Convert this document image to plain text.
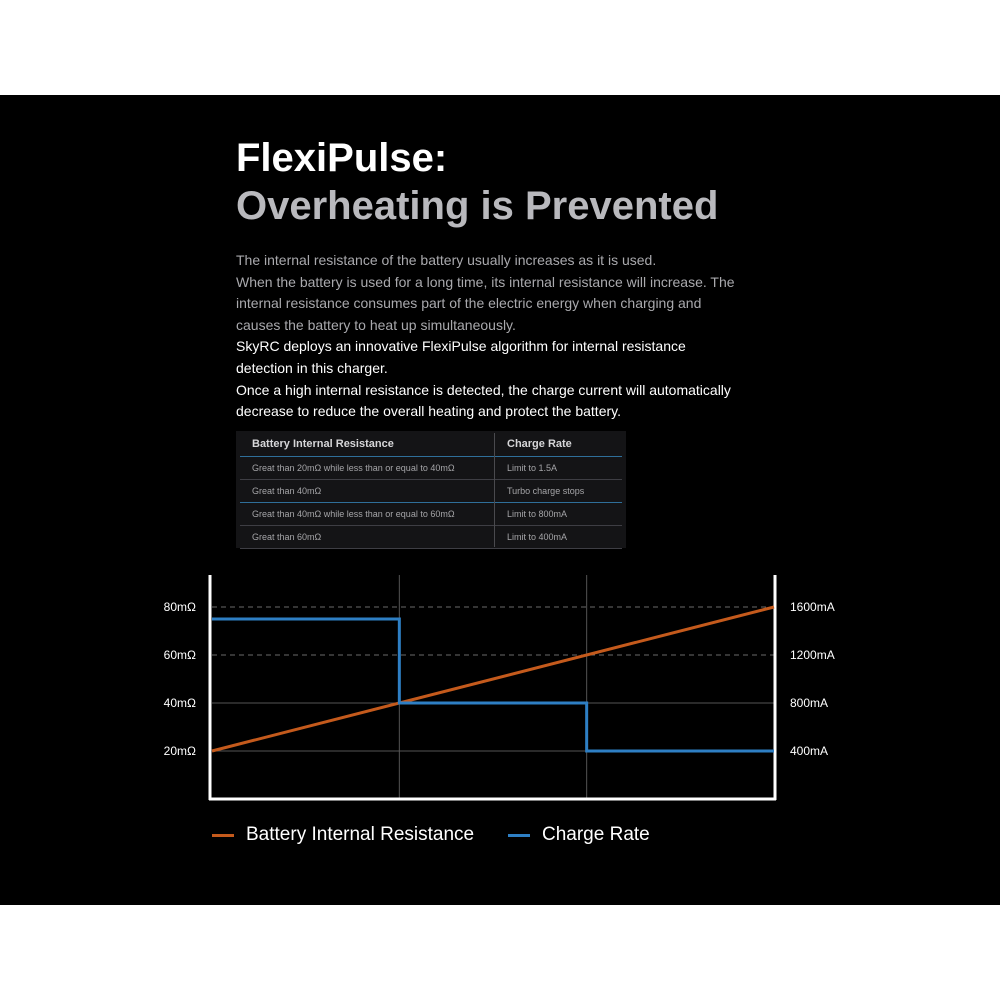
FlexiPulse:
Overheating is Prevented

The internal resistance of the battery usually increases as it is used.

When the battery is used for a long time, its internal resistance will increase. The

internal resistance consumes part of the electric energy when charging and

causes the battery to heat up simultaneously.

SkyRC deploys an innovative FlexiPulse algorithm for internal resistance

detection in this charger.

Once a high internal resistance is detected, the charge current will automatically

decrease to reduce the overall heating and protect the battery.

Battery Internal Resistance	Charge Rate
Great than 20mΩ while less than or equal to 40mΩ	Limit to 1.5A
Great than 40mΩ	Turbo charge stops
Great than 40mΩ while less than or equal to 60mΩ	Limit to 800mA
Great than 60mΩ	Limit to 400mA
20mΩ
40mΩ
60mΩ
80mΩ
400mA
800mA
1200mA
1600mA
Battery Internal Resistance	Charge Rate
